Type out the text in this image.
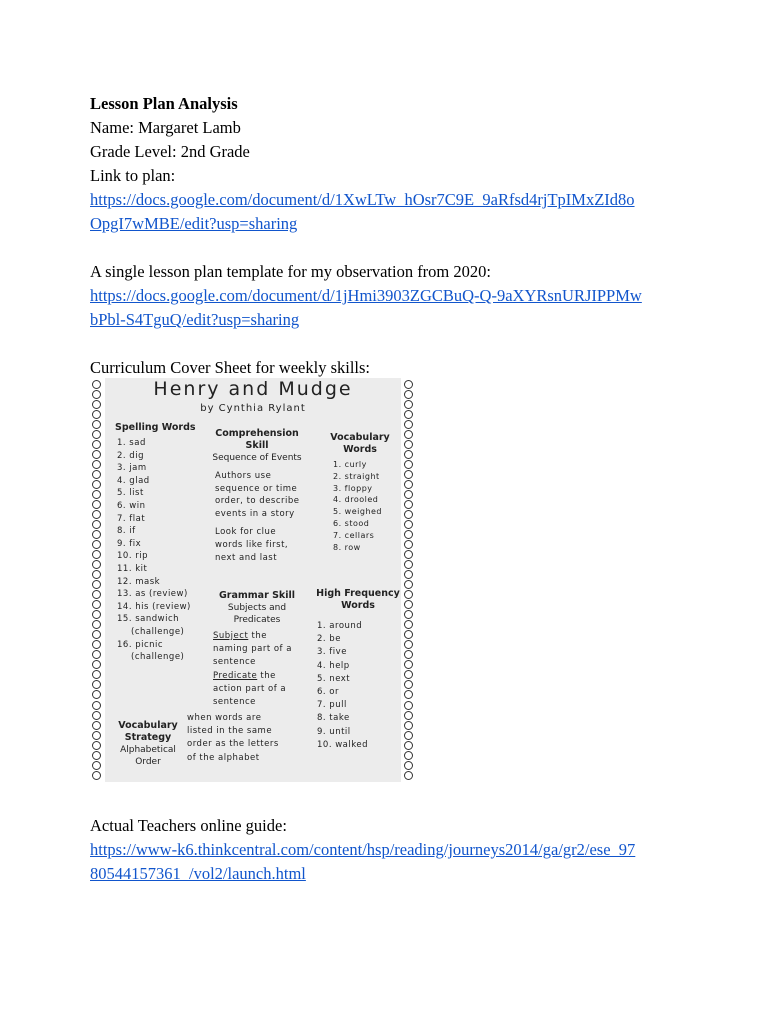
Lesson Plan Analysis

Name: Margaret Lamb

Grade Level: 2nd Grade

Link to plan:

https://docs.google.com/document/d/1XwLTw_hOsr7C9E_9aRfsd4rjTpIMxZId8o
OpgI7wMBE/edit?usp=sharing

A single lesson plan template for my observation from 2020:

https://docs.google.com/document/d/1jHmi3903ZGCBuQ-Q-9aXYRsnURJIPPMw
bPbl-S4TguQ/edit?usp=sharing

Curriculum Cover Sheet for weekly skills:

Actual Teachers online guide:

https://www-k6.thinkcentral.com/content/hsp/reading/journeys2014/ga/gr2/ese_97
80544157361_/vol2/launch.html
Henry and Mudge
by Cynthia Rylant
Spelling Words
1. sad
2. dig
3. jam
4. glad
5. list
6. win
7. flat
8. if
9. fix
10. rip
11. kit
12. mask
13. as (review)
14. his (review)
15. sandwich
(challenge)
16. picnic
(challenge)
Comprehension Skill
Sequence of Events
Authors use sequence or time order, to describe events in a story
Look for clue words like first, next and last
Vocabulary Words
1. curly
2. straight
3. floppy
4. drooled
5. weighed
6. stood
7. cellars
8. row
Grammar Skill
Subjects and Predicates
Subject the naming part of a sentence
Predicate the action part of a sentence
High Frequency Words
1. around
2. be
3. five
4. help
5. next
6. or
7. pull
8. take
9. until
10. walked
Vocabulary Strategy
Alphabetical Order
when words are listed in the same order as the letters of the alphabet
